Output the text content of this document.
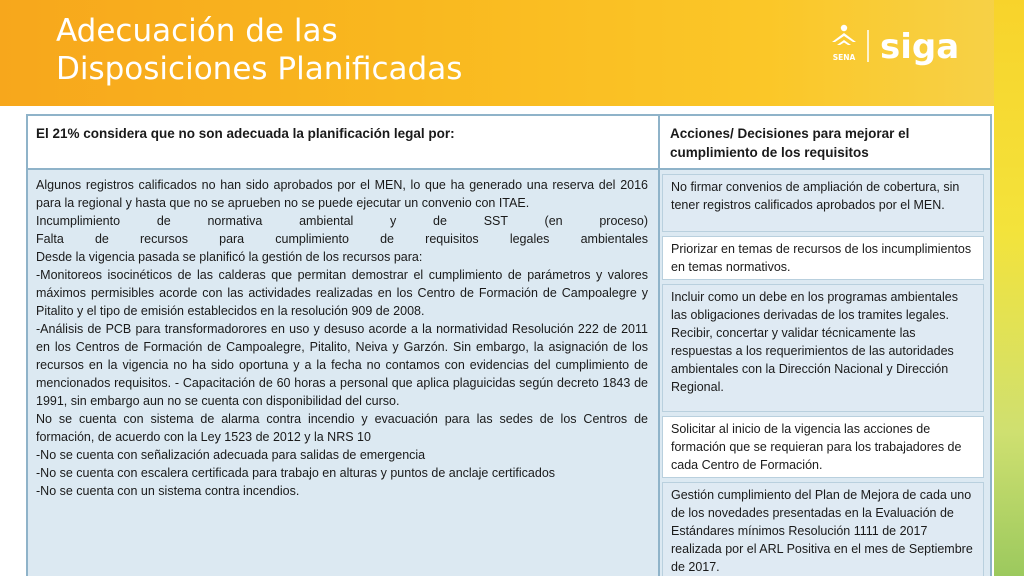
Adecuación de las
Disposiciones Planificadas	SENA siga
El 21% considera que no son adecuada la planificación legal por:	Acciones/ Decisiones para mejorar el cumplimiento de los requisitos

Algunos registros calificados no han sido aprobados por el MEN, lo que ha generado una reserva del 2016 para la regional y hasta que no se aprueben no se puede ejecutar un convenio con ITAE.

Incumplimiento de normativa ambiental y de SST (en proceso)

Falta de recursos para cumplimiento de requisitos legales ambientales

Desde la vigencia pasada se planificó la gestión de los recursos para:

-Monitoreos isocinéticos de las calderas que permitan demostrar el cumplimiento de parámetros y valores máximos permisibles acorde con las actividades realizadas en los Centro de Formación de Campoalegre y Pitalito y el tipo de emisión establecidos en la resolución 909 de 2008.

-Análisis de PCB para transformadorores en uso y desuso acorde a la normatividad Resolución 222 de 2011 en los Centros de Formación de Campoalegre, Pitalito, Neiva y Garzón. Sin embargo, la asignación de los recursos en la vigencia no ha sido oportuna y a la fecha no contamos con evidencias del cumplimiento de mencionados requisitos. - Capacitación de 60 horas a personal que aplica plaguicidas según decreto 1843 de 1991, sin embargo aun no se cuenta con disponibilidad del curso.

No se cuenta con sistema de alarma contra incendio y evacuación para las sedes de los Centros de formación, de acuerdo con la Ley 1523 de 2012 y la NRS 10

-No se cuenta con señalización adecuada para salidas de emergencia

-No se cuenta con escalera certificada para trabajo en alturas y puntos de anclaje certificados

-No se cuenta con un sistema contra incendios.

No firmar convenios de ampliación de cobertura, sin tener registros calificados aprobados por el MEN.
Priorizar en temas de recursos de los incumplimientos en temas normativos.
Incluir como un debe en los programas ambientales las obligaciones derivadas de los tramites legales.
Recibir, concertar y validar técnicamente las respuestas a los requerimientos de las autoridades ambientales con la Dirección Nacional y Dirección Regional.
Solicitar al inicio de la vigencia las acciones de formación que se requieran para los trabajadores de cada Centro de Formación.
Gestión cumplimiento del Plan de Mejora de cada uno de los novedades presentadas en la Evaluación de Estándares mínimos Resolución 1111 de 2017 realizada por el ARL Positiva en el mes de Septiembre de 2017.
